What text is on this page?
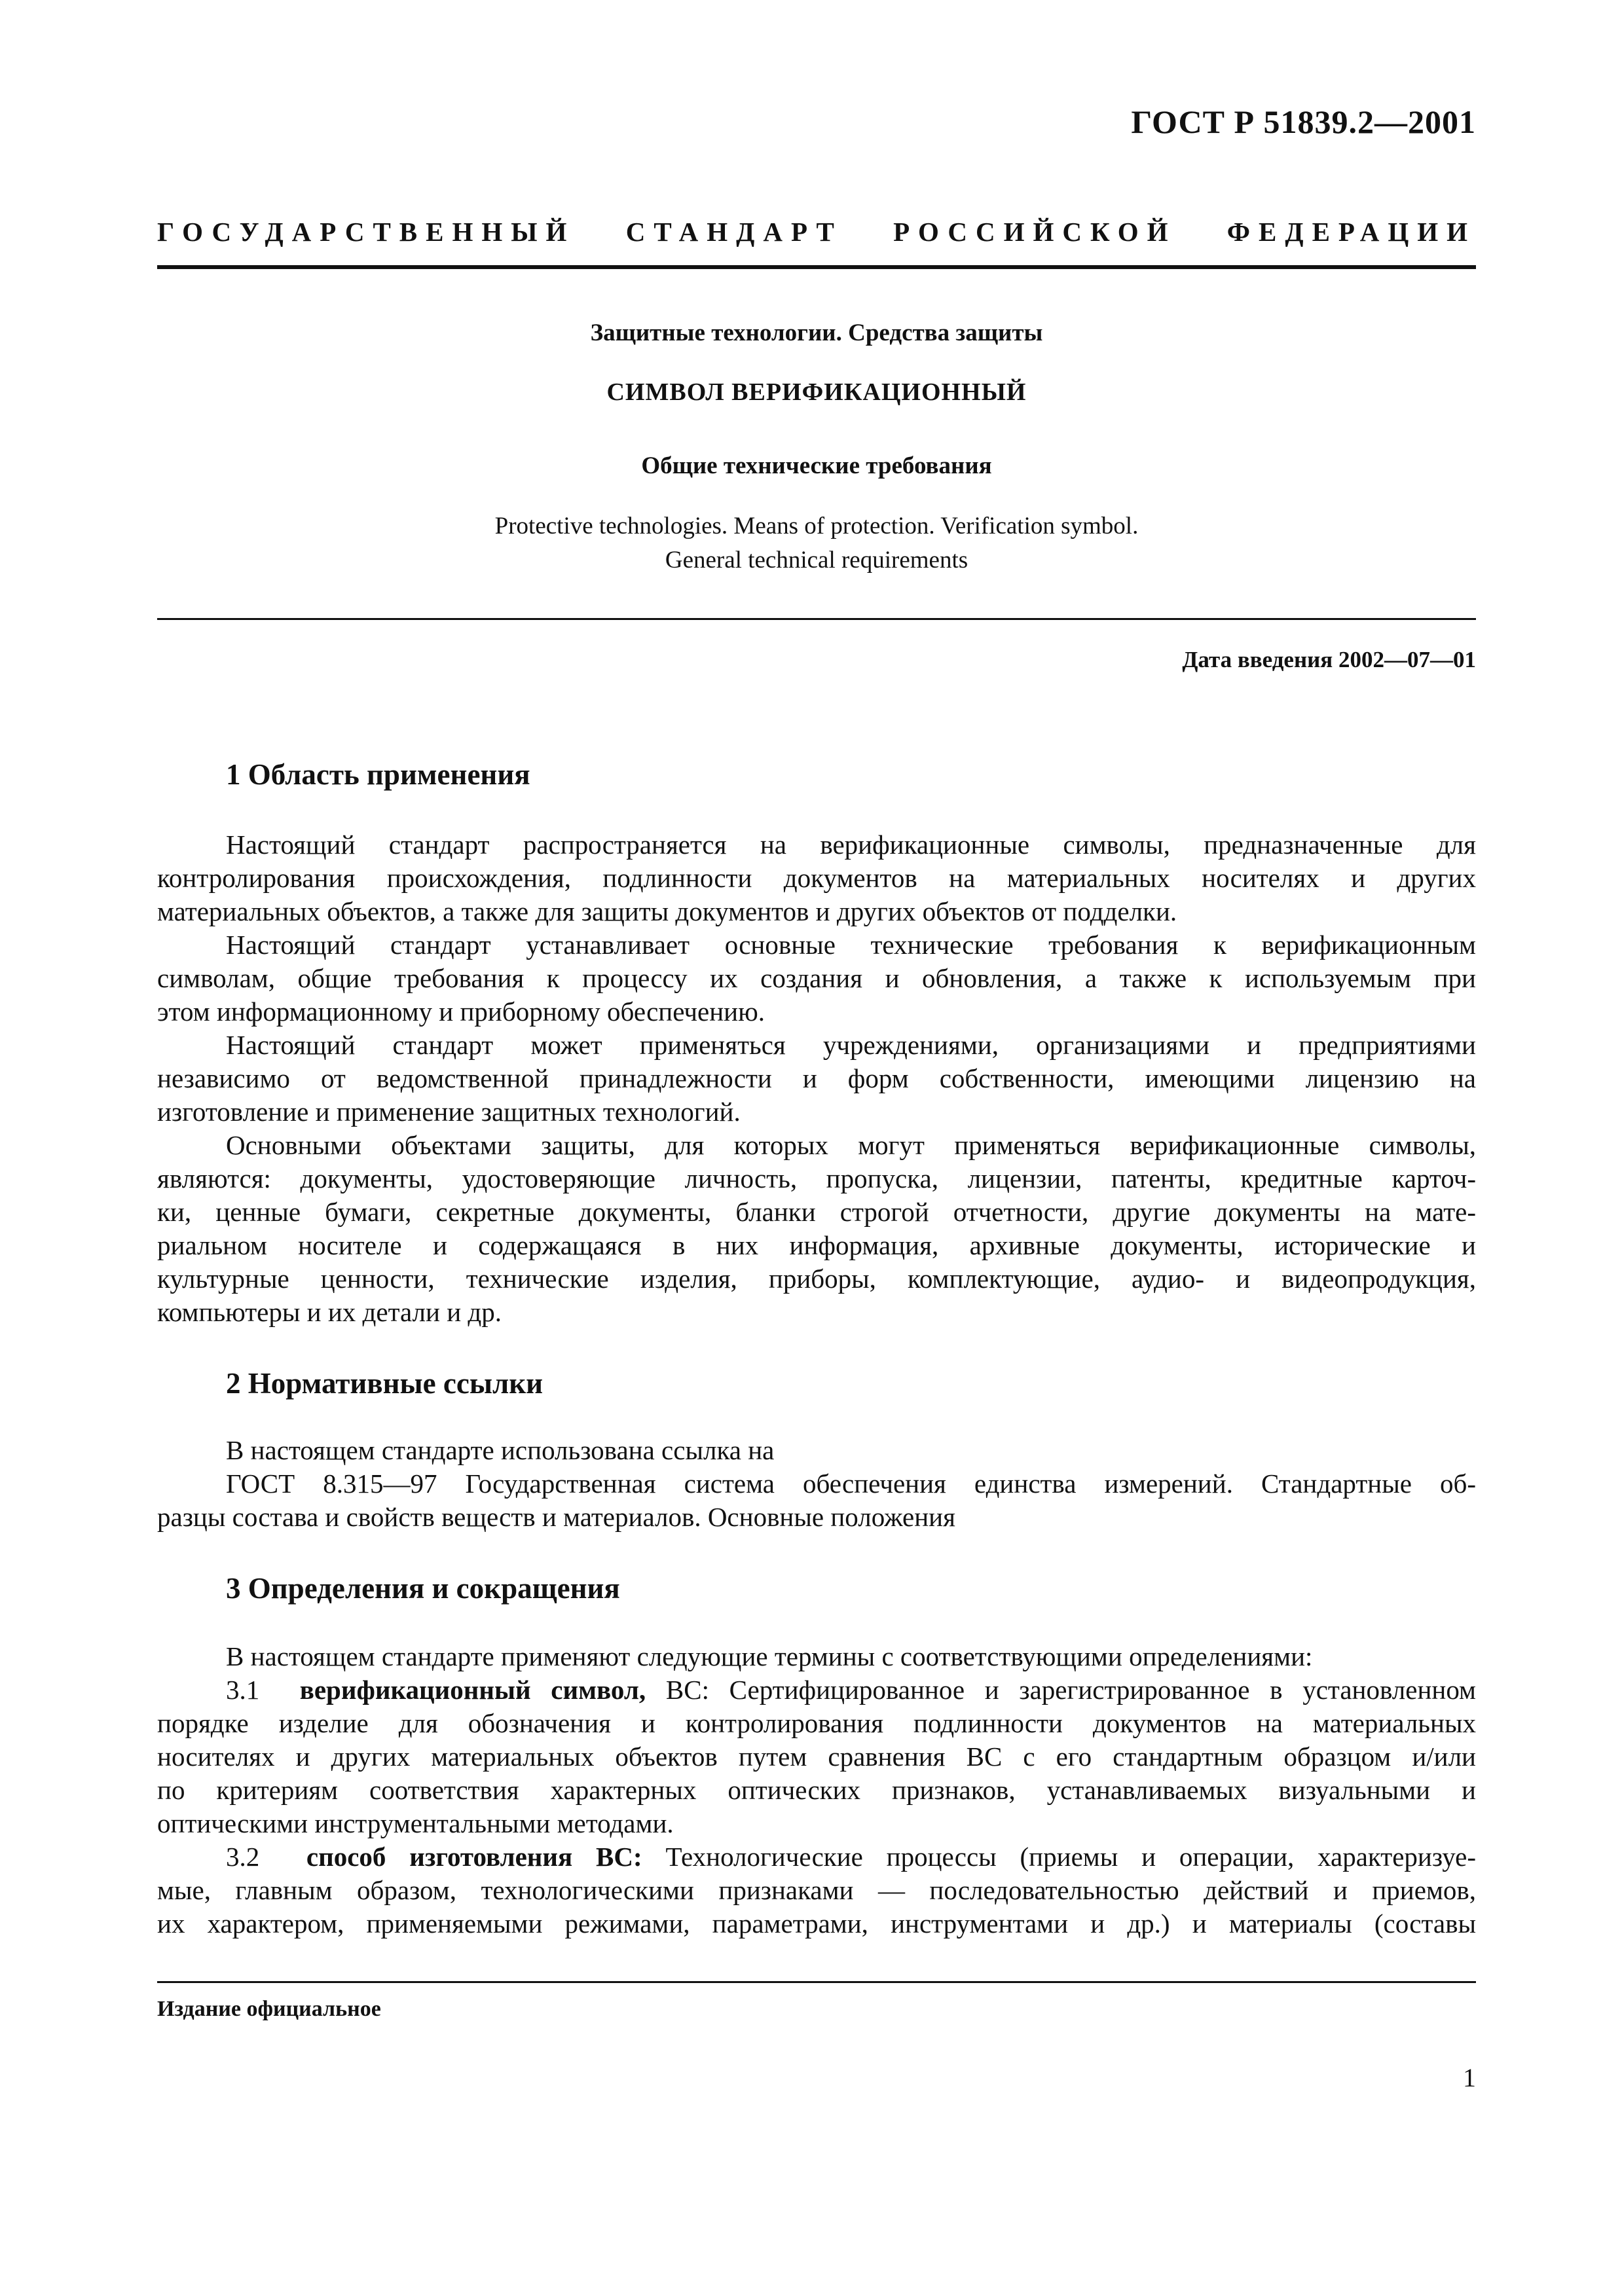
ГОСТ Р 51839.2—2001
ГОСУДАРСТВЕННЫЙ СТАНДАРТ РОССИЙСКОЙ ФЕДЕРАЦИИ
Защитные технологии. Средства защиты
СИМВОЛ ВЕРИФИКАЦИОННЫЙ
Общие технические требования
Protective technologies. Means of protection. Verification symbol.
General technical requirements
Дата введения 2002—07—01
1 Область применения
Настоящий стандарт распространяется на верификационные символы, предназначенные для
контролирования происхождения, подлинности документов на материальных носителях и других
материальных объектов, а также для защиты документов и других объектов от подделки.
Настоящий стандарт устанавливает основные технические требования к верификационным
символам, общие требования к процессу их создания и обновления, а также к используемым при
этом информационному и приборному обеспечению.
Настоящий стандарт может применяться учреждениями, организациями и предприятиями
независимо от ведомственной принадлежности и форм собственности, имеющими лицензию на
изготовление и применение защитных технологий.
Основными объектами защиты, для которых могут применяться верификационные символы,
являются: документы, удостоверяющие личность, пропуска, лицензии, патенты, кредитные карточ-
ки, ценные бумаги, секретные документы, бланки строгой отчетности, другие документы на мате-
риальном носителе и содержащаяся в них информация, архивные документы, исторические и
культурные ценности, технические изделия, приборы, комплектующие, аудио- и видеопродукция,
компьютеры и их детали и др.
2 Нормативные ссылки
В настоящем стандарте использована ссылка на
ГОСТ 8.315—97 Государственная система обеспечения единства измерений. Стандартные об-
разцы состава и свойств веществ и материалов. Основные положения
3 Определения и сокращения
В настоящем стандарте применяют следующие термины с соответствующими определениями:
3.1 верификационный символ, ВС: Сертифицированное и зарегистрированное в установленном
порядке изделие для обозначения и контролирования подлинности документов на материальных
носителях и других материальных объектов путем сравнения ВС с его стандартным образцом и/или
по критериям соответствия характерных оптических признаков, устанавливаемых визуальными и
оптическими инструментальными методами.
3.2 способ изготовления ВС: Технологические процессы (приемы и операции, характеризуе-
мые, главным образом, технологическими признаками — последовательностью действий и приемов,
их характером, применяемыми режимами, параметрами, инструментами и др.) и материалы (составы
Издание официальное
1
